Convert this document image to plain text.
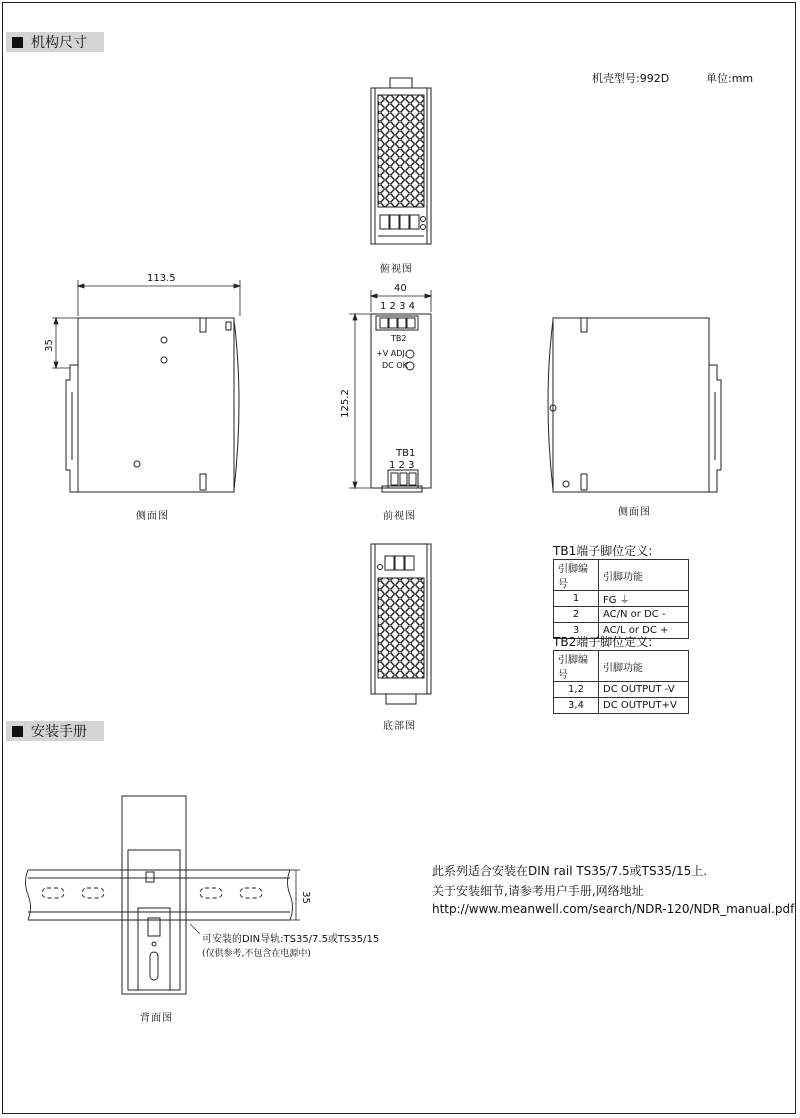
机构尺寸
机壳型号:992D	单位:mm
113.5
35
40
125.2
35
1 2 3 4
TB2
+V ADJ.
DC OK
TB1
1 2 3
俯视图
侧面图	前视图	侧面图
底部图
背面图
TB1端子脚位定义:
引脚编号	引脚功能
1	FG ⏚
2	AC/N or DC -
3	AC/L or DC +
TB2端子脚位定义:
引脚编号	引脚功能
1,2	DC OUTPUT -V
3,4	DC OUTPUT+V
安装手册
此系列适合安装在DIN rail TS35/7.5或TS35/15上.
关于安装细节,请参考用户手册,网络地址
http://www.meanwell.com/search/NDR-120/NDR_manual.pdf
可安装的DIN导轨:TS35/7.5或TS35/15
(仅供参考,不包含在电源中)
